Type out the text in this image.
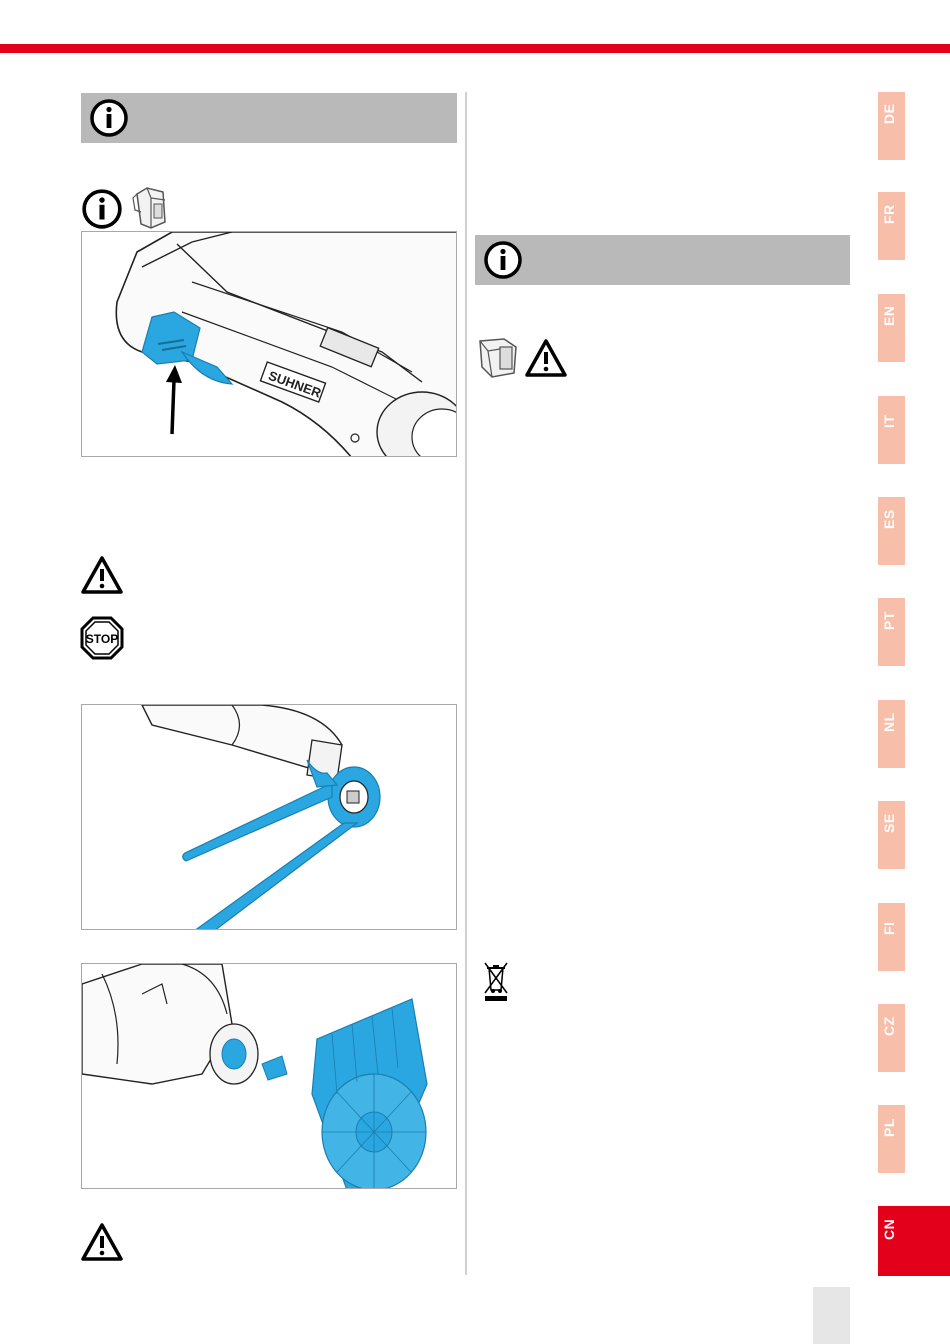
SUHNER
STOP
DE
FR
EN
IT
ES
PT
NL
SE
FI
CZ
PL
CN
